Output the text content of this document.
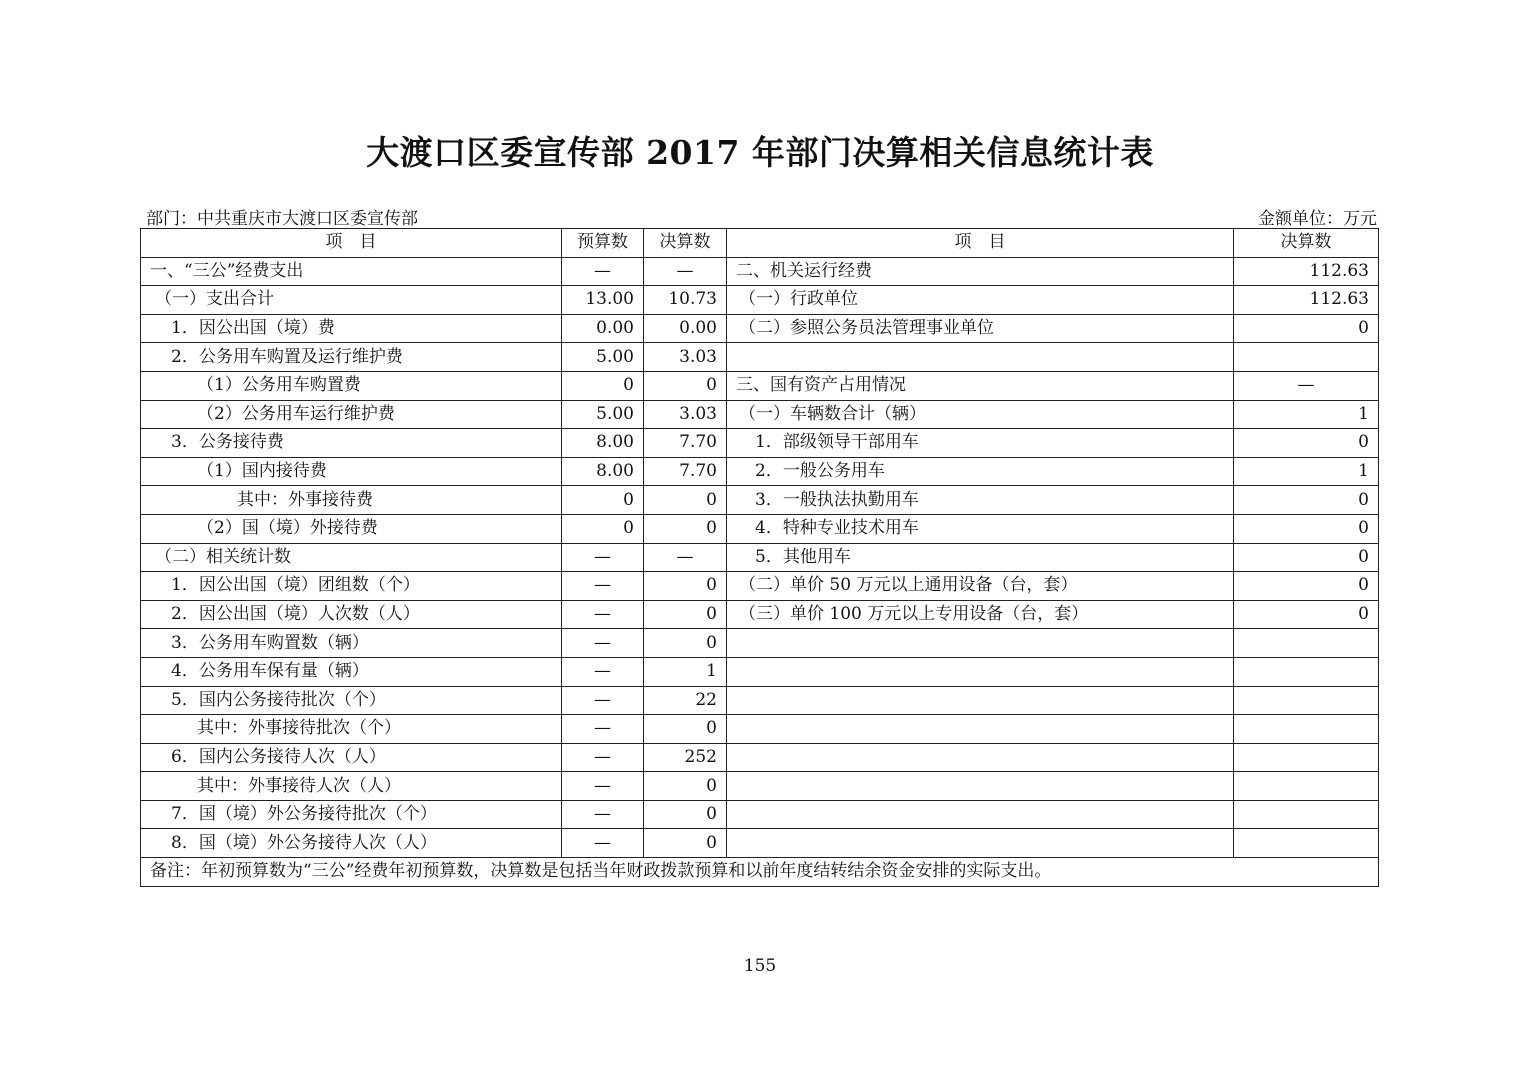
大渡口区委宣传部 2017 年部门决算相关信息统计表
部门：中共重庆市大渡口区委宣传部	金额单位：万元
项　目	预算数	决算数	项　目	决算数
一、“三公”经费支出	—	—	二、机关运行经费	112.63
（一）支出合计	13.00	10.73	（一）行政单位	112.63
1．因公出国（境）费	0.00	0.00	（二）参照公务员法管理事业单位	0
2．公务用车购置及运行维护费	5.00	3.03		
（1）公务用车购置费	0	0	三、国有资产占用情况	—
（2）公务用车运行维护费	5.00	3.03	（一）车辆数合计（辆）	1
3．公务接待费	8.00	7.70	1．部级领导干部用车	0
（1）国内接待费	8.00	7.70	2．一般公务用车	1
其中：外事接待费	0	0	3．一般执法执勤用车	0
（2）国（境）外接待费	0	0	4．特种专业技术用车	0
（二）相关统计数	—	—	5．其他用车	0
1．因公出国（境）团组数（个）	—	0	（二）单价 50 万元以上通用设备（台，套）	0
2．因公出国（境）人次数（人）	—	0	（三）单价 100 万元以上专用设备（台，套）	0
3．公务用车购置数（辆）	—	0		
4．公务用车保有量（辆）	—	1		
5．国内公务接待批次（个）	—	22		
其中：外事接待批次（个）	—	0		
6．国内公务接待人次（人）	—	252		
其中：外事接待人次（人）	—	0		
7．国（境）外公务接待批次（个）	—	0		
8．国（境）外公务接待人次（人）	—	0		
备注：年初预算数为“三公”经费年初预算数，决算数是包括当年财政拨款预算和以前年度结转结余资金安排的实际支出。				
155
